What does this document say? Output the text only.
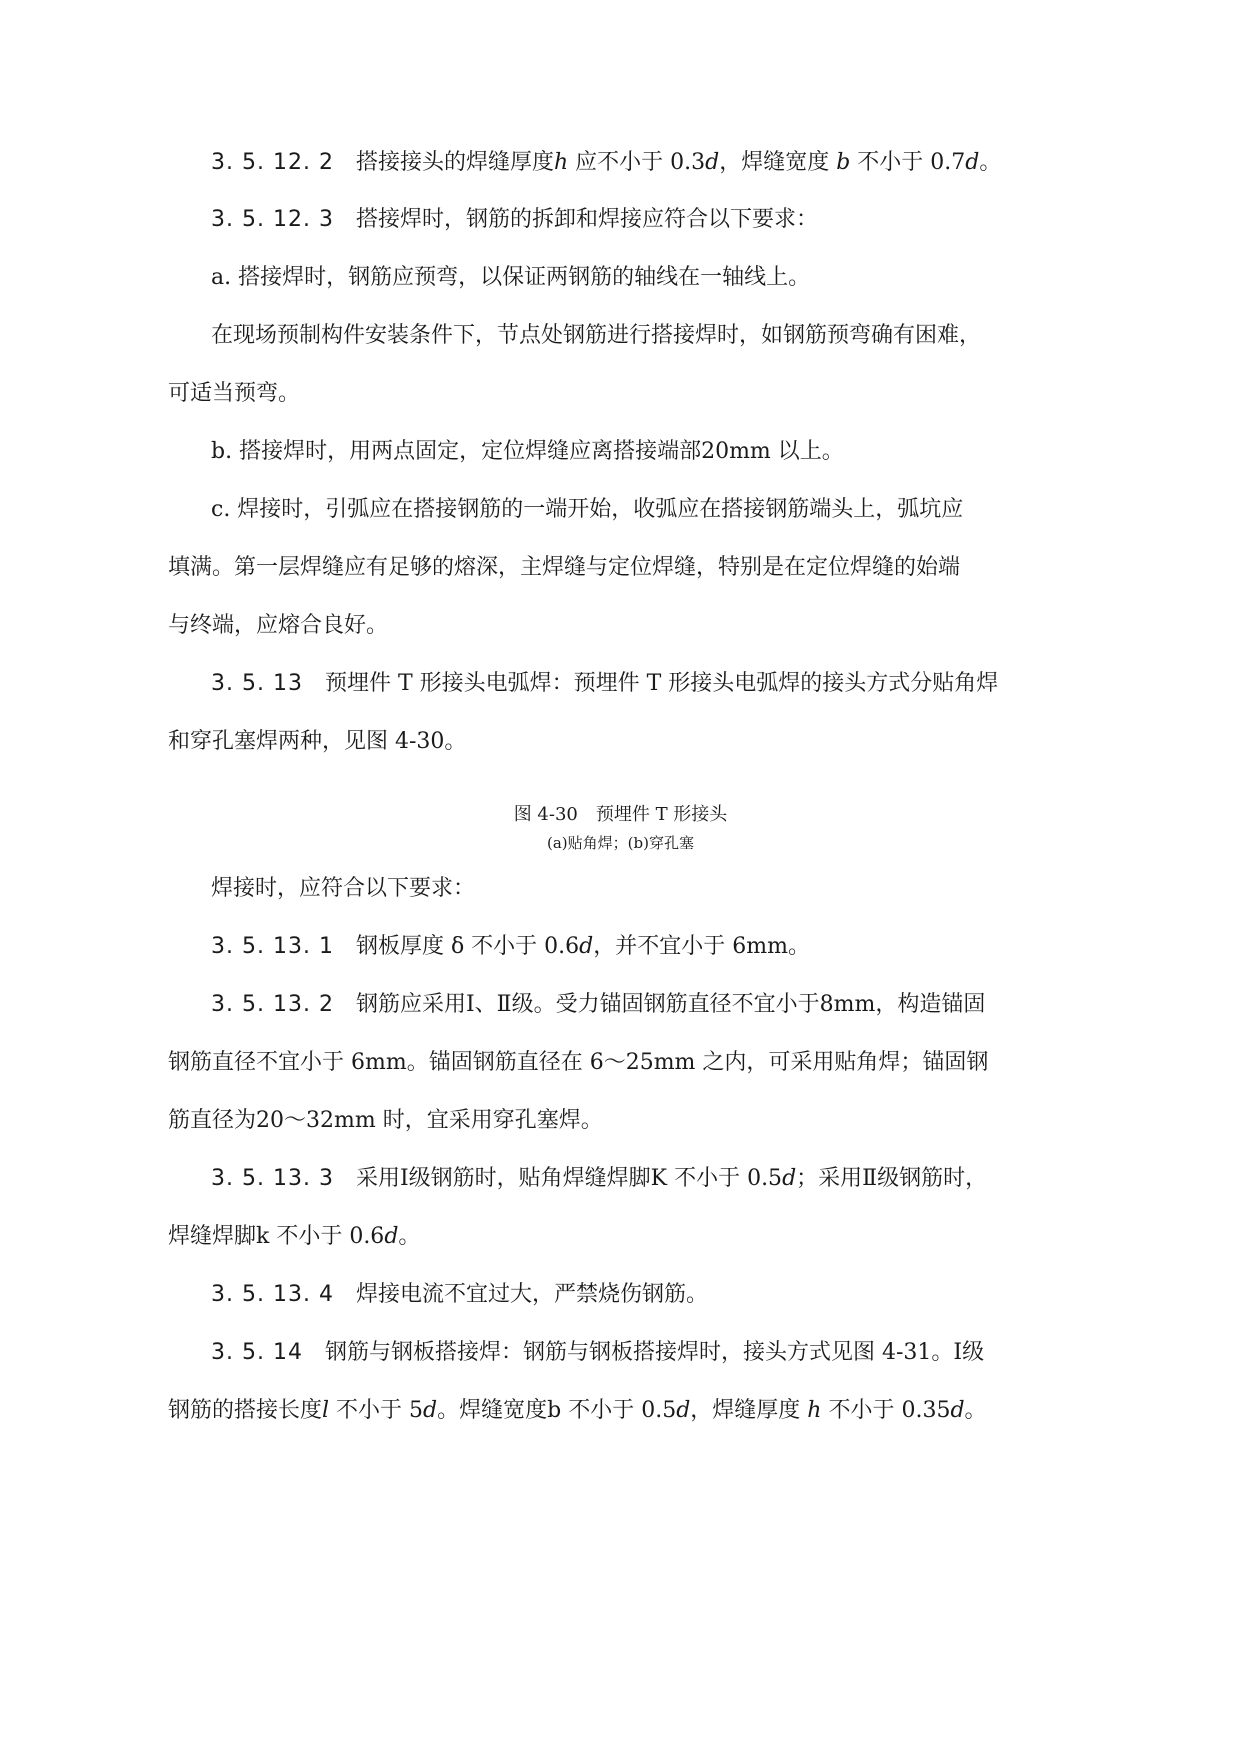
3. 5. 12. 2  搭接接头的焊缝厚度h 应不小于 0.3d，焊缝宽度 b 不小于 0.7d。
3. 5. 12. 3  搭接焊时，钢筋的拆卸和焊接应符合以下要求：
a. 搭接焊时，钢筋应预弯，以保证两钢筋的轴线在一轴线上。
在现场预制构件安装条件下，节点处钢筋进行搭接焊时，如钢筋预弯确有困难，
可适当预弯。
b. 搭接焊时，用两点固定，定位焊缝应离搭接端部20mm 以上。
c. 焊接时，引弧应在搭接钢筋的一端开始，收弧应在搭接钢筋端头上，弧坑应
填满。第一层焊缝应有足够的熔深，主焊缝与定位焊缝，特别是在定位焊缝的始端
与终端，应熔合良好。
3. 5. 13  预埋件 T 形接头电弧焊：预埋件 T 形接头电弧焊的接头方式分贴角焊
和穿孔塞焊两种，见图 4-30。
图 4-30　预埋件 T 形接头
(a)贴角焊；(b)穿孔塞
焊接时，应符合以下要求：
3. 5. 13. 1  钢板厚度 δ 不小于 0.6d，并不宜小于 6mm。
3. 5. 13. 2  钢筋应采用Ⅰ、Ⅱ级。受力锚固钢筋直径不宜小于8mm，构造锚固
钢筋直径不宜小于 6mm。锚固钢筋直径在 6～25mm 之内，可采用贴角焊；锚固钢
筋直径为20～32mm 时，宜采用穿孔塞焊。
3. 5. 13. 3  采用Ⅰ级钢筋时，贴角焊缝焊脚K 不小于 0.5d；采用Ⅱ级钢筋时，
焊缝焊脚k 不小于 0.6d。
3. 5. 13. 4  焊接电流不宜过大，严禁烧伤钢筋。
3. 5. 14  钢筋与钢板搭接焊：钢筋与钢板搭接焊时，接头方式见图 4-31。Ⅰ级
钢筋的搭接长度l 不小于 5d。焊缝宽度b 不小于 0.5d，焊缝厚度 h 不小于 0.35d。
